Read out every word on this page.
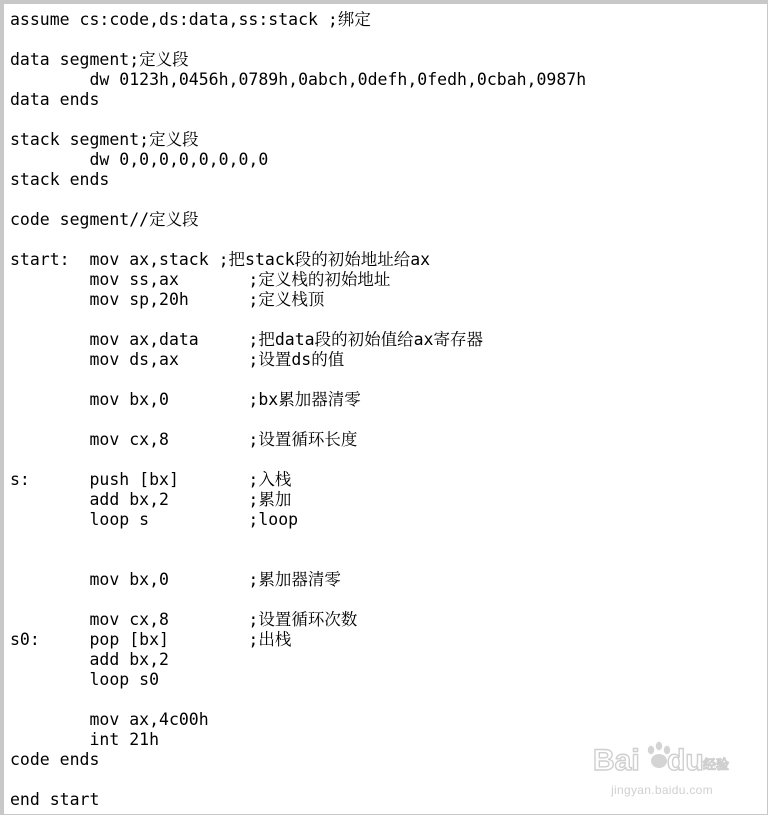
assume cs:code,ds:data,ss:stack ;绑定
data segment;定义段
dw 0123h,0456h,0789h,0abch,0defh,0fedh,0cbah,0987h
data ends
stack segment;定义段
dw 0,0,0,0,0,0,0,0
stack ends
code segment//定义段
start:  mov ax,stack ;把stack段的初始地址给ax
mov ss,ax       ;定义栈的初始地址
mov sp,20h      ;定义栈顶
mov ax,data     ;把data段的初始值给ax寄存器
mov ds,ax       ;设置ds的值
mov bx,0        ;bx累加器清零
mov cx,8        ;设置循环长度
s:      push [bx]       ;入栈
add bx,2        ;累加
loop s          ;loop
mov bx,0        ;累加器清零
mov cx,8        ;设置循环次数
s0:     pop [bx]        ;出栈
add bx,2
loop s0
mov ax,4c00h
int 21h
code ends
end start
Bai du 经验
jingyan.baidu.com
